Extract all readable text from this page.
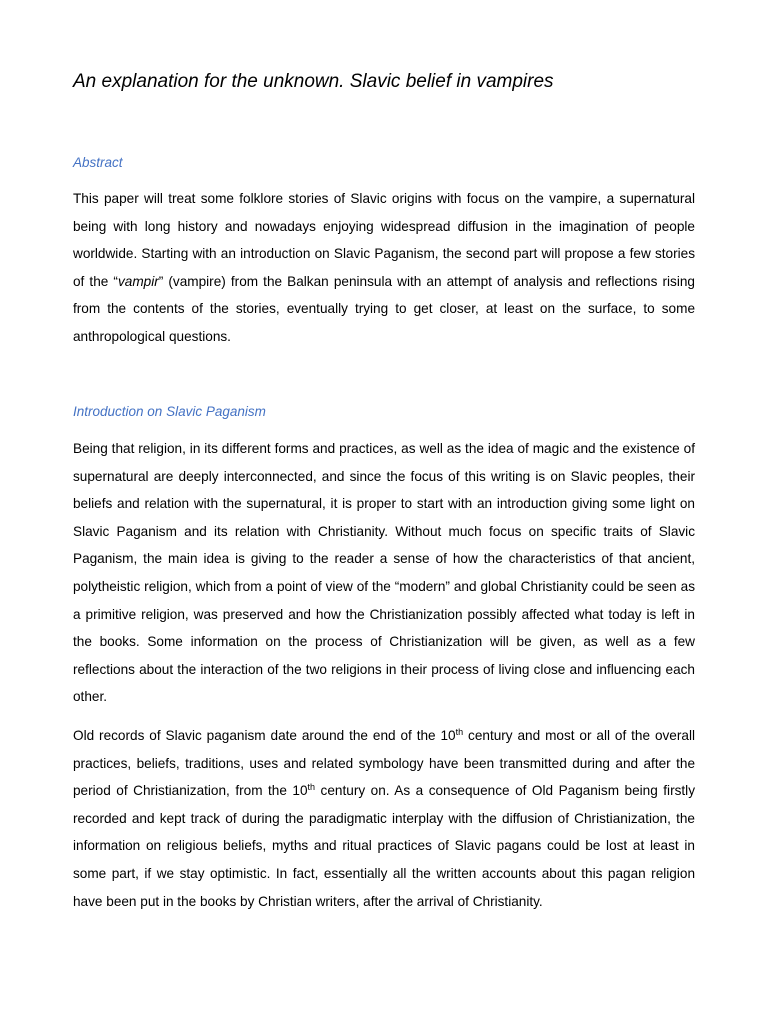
An explanation for the unknown. Slavic belief in vampires
Abstract

This paper will treat some folklore stories of Slavic origins with focus on the vampire, a supernatural being with long history and nowadays enjoying widespread diffusion in the imagination of people worldwide. Starting with an introduction on Slavic Paganism, the second part will propose a few stories of the “vampir” (vampire) from the Balkan peninsula with an attempt of analysis and reflections rising from the contents of the stories, eventually trying to get closer, at least on the surface, to some anthropological questions.

Introduction on Slavic Paganism

Being that religion, in its different forms and practices, as well as the idea of magic and the existence of supernatural are deeply interconnected, and since the focus of this writing is on Slavic peoples, their beliefs and relation with the supernatural, it is proper to start with an introduction giving some light on Slavic Paganism and its relation with Christianity. Without much focus on specific traits of Slavic Paganism, the main idea is giving to the reader a sense of how the characteristics of that ancient, polytheistic religion, which from a point of view of the “modern” and global Christianity could be seen as a primitive religion, was preserved and how the Christianization possibly affected what today is left in the books. Some information on the process of Christianization will be given, as well as a few reflections about the interaction of the two religions in their process of living close and influencing each other.

Old records of Slavic paganism date around the end of the 10th century and most or all of the overall practices, beliefs, traditions, uses and related symbology have been transmitted during and after the period of Christianization, from the 10th century on. As a consequence of Old Paganism being firstly recorded and kept track of during the paradigmatic interplay with the diffusion of Christianization, the information on religious beliefs, myths and ritual practices of Slavic pagans could be lost at least in some part, if we stay optimistic. In fact, essentially all the written accounts about this pagan religion have been put in the books by Christian writers, after the arrival of Christianity.
